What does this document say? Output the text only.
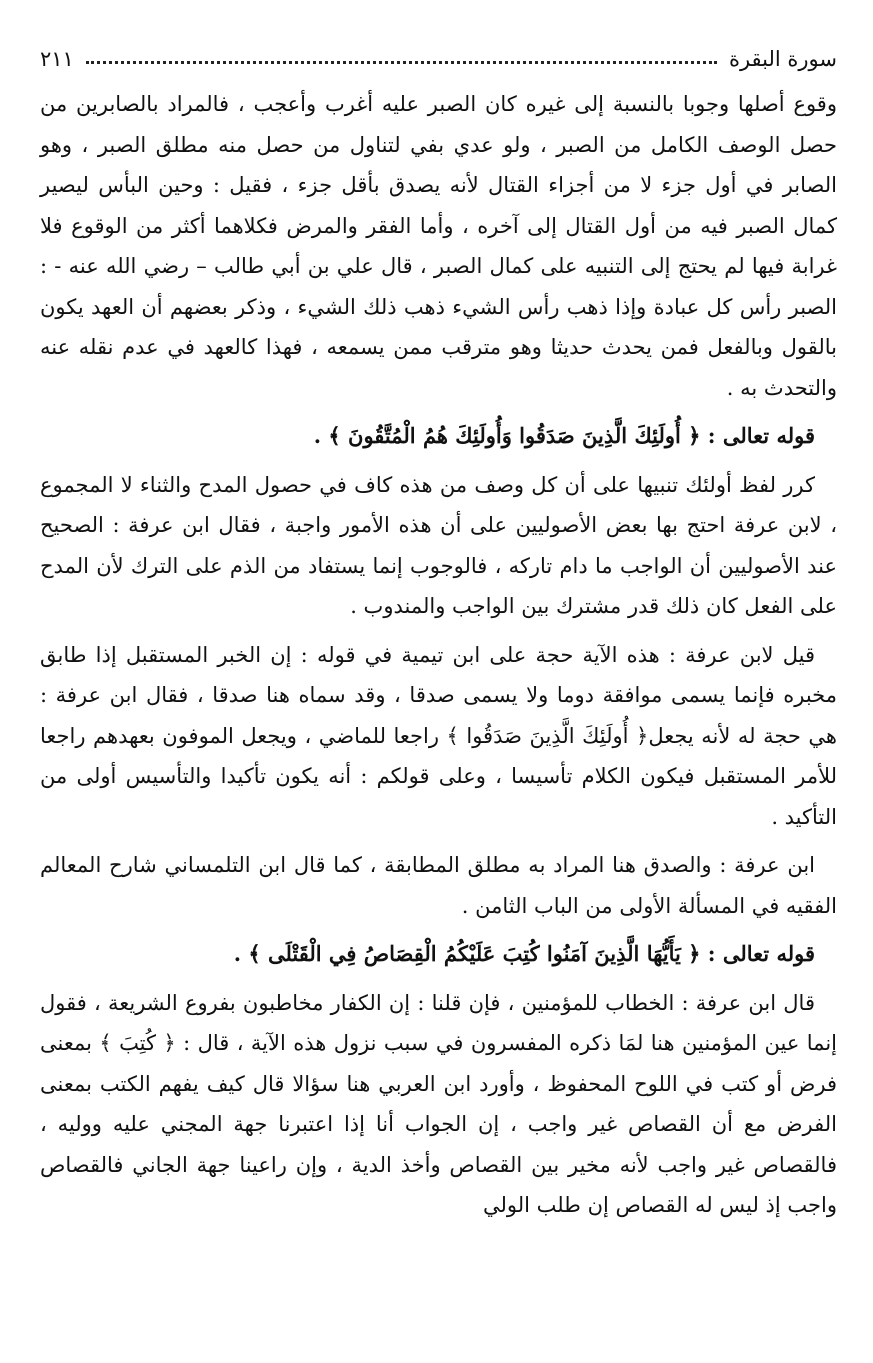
سورة البقرة
٢١١

وقوع أصلها وجوبا بالنسبة إلى غيره كان الصبر عليه أغرب وأعجب ، فالمراد بالصابرين من حصل الوصف الكامل من الصبر ، ولو عدي بفي لتناول من حصل منه مطلق الصبر ، وهو الصابر في أول جزء لا من أجزاء القتال لأنه يصدق بأقل جزء ، فقيل : وحين البأس ليصير كمال الصبر فيه من أول القتال إلى آخره ، وأما الفقر والمرض فكلاهما أكثر من الوقوع فلا غرابة فيها لم يحتج إلى التنبيه على كمال الصبر ، قال علي بن أبي طالب – رضي الله عنه - : الصبر رأس كل عبادة وإذا ذهب رأس الشيء ذهب ذلك الشيء ، وذكر بعضهم أن العهد يكون بالقول وبالفعل فمن يحدث حديثا وهو مترقب ممن يسمعه ، فهذا كالعهد في عدم نقله عنه والتحدث به .

قوله تعالى : ﴿ أُولَئِكَ الَّذِينَ صَدَقُوا وَأُولَئِكَ هُمُ الْمُتَّقُونَ ﴾ .

كرر لفظ أولئك تنبيها على أن كل وصف من هذه كاف في حصول المدح والثناء لا المجموع ، لابن عرفة احتج بها بعض الأصوليين على أن هذه الأمور واجبة ، فقال ابن عرفة : الصحيح عند الأصوليين أن الواجب ما دام تاركه ، فالوجوب إنما يستفاد من الذم على الترك لأن المدح على الفعل كان ذلك قدر مشترك بين الواجب والمندوب .

قيل لابن عرفة : هذه الآية حجة على ابن تيمية في قوله : إن الخبر المستقبل إذا طابق مخبره فإنما يسمى موافقة دوما ولا يسمى صدقا ، وقد سماه هنا صدقا ، فقال ابن عرفة : هي حجة له لأنه يجعل﴿ أُولَئِكَ الَّذِينَ صَدَقُوا ﴾ راجعا للماضي ، ويجعل الموفون بعهدهم راجعا للأمر المستقبل فيكون الكلام تأسيسا ، وعلى قولكم : أنه يكون تأكيدا والتأسيس أولى من التأكيد .

ابن عرفة : والصدق هنا المراد به مطلق المطابقة ، كما قال ابن التلمساني شارح المعالم الفقيه في المسألة الأولى من الباب الثامن .

قوله تعالى : ﴿ يَأَيُّهَا الَّذِينَ آمَنُوا كُتِبَ عَلَيْكُمُ الْقِصَاصُ فِي الْقَتْلَى ﴾ .

قال ابن عرفة : الخطاب للمؤمنين ، فإن قلنا : إن الكفار مخاطبون بفروع الشريعة ، فقول إنما عين المؤمنين هنا لمَا ذكره المفسرون في سبب نزول هذه الآية ، قال : ﴿ كُتِبَ ﴾ بمعنى فرض أو كتب في اللوح المحفوظ ، وأورد ابن العربي هنا سؤالا قال كيف يفهم الكتب بمعنى الفرض مع أن القصاص غير واجب ، إن الجواب أنا إذا اعتبرنا جهة المجني عليه ووليه ، فالقصاص غير واجب لأنه مخير بين القصاص وأخذ الدية ، وإن راعينا جهة الجاني فالقصاص واجب إذ ليس له القصاص إن طلب الولي
